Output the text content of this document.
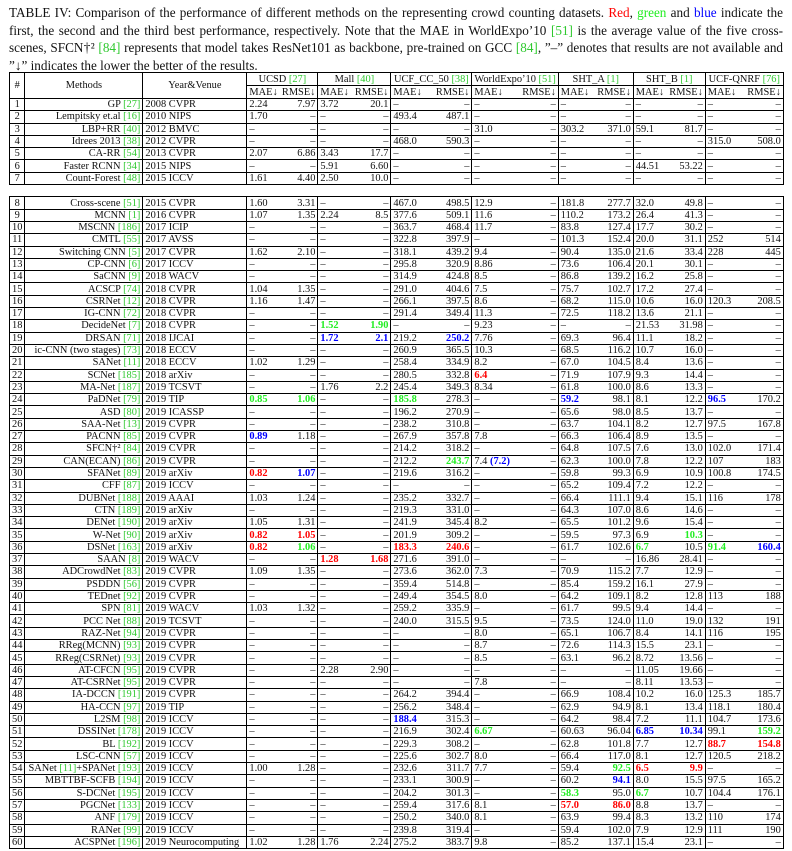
TABLE IV: Comparison of the performance of different methods on the representing crowd counting datasets. Red, green and blue indicate the first, the second and the third best performance, respectively. Note that the MAE in WorldExpo’10 [51] is the average value of the five cross-scenes, SFCN†² [84] represents that model takes ResNet101 as backbone, pre-trained on GCC [84], ”–” denotes that results are not available and ”↓” indicates the lower the better of the results.
#	Methods	Year&Venue	UCSD [27]		Mall [40]		UCF_CC_50 [38]		WorldExpo’10 [51]		SHT_A [1]		SHT_B [1]		UCF-QNRF [76]	
			MAE↓	RMSE↓	MAE↓	RMSE↓	MAE↓	RMSE↓	MAE↓	RMSE↓	MAE↓	RMSE↓	MAE↓	RMSE↓	MAE↓	RMSE↓
1	GP [27]	2008 CVPR	2.24	7.97	3.72	20.1	–	–	–	–	–	–	–	–	–	–
2	Lempitsky et.al [16]	2010 NIPS	1.70	–	–	–	493.4	487.1	–	–	–	–	–	–	–	–
3	LBP+RR [40]	2012 BMVC	–	–	–	–	–	–	31.0	–	303.2	371.0	59.1	81.7	–	–
4	Idrees 2013 [38]	2012 CVPR	–	–	–	–	468.0	590.3	–	–	–	–	–	–	315.0	508.0
5	CA-RR [54]	2013 CVPR	2.07	6.86	3.43	17.7	–	–	–	–	–	–	–	–	–	–
6	Faster RCNN [34]	2015 NIPS	–	–	5.91	6.60	–	–	–	–	–	–	44.51	53.22	–	–
7	Count-Forest [48]	2015 ICCV	1.61	4.40	2.50	10.0	–	–	–	–	–	–	–	–	–	–

8	Cross-scene [51]	2015 CVPR	1.60	3.31	–	–	467.0	498.5	12.9	–	181.8	277.7	32.0	49.8	–	–
9	MCNN [1]	2016 CVPR	1.07	1.35	2.24	8.5	377.6	509.1	11.6	–	110.2	173.2	26.4	41.3	–	–
10	MSCNN [186]	2017 ICIP	–	–	–	–	363.7	468.4	11.7	–	83.8	127.4	17.7	30.2	–	–
11	CMTL [55]	2017 AVSS	–	–	–	–	322.8	397.9	–	–	101.3	152.4	20.0	31.1	252	514
12	Switching CNN [5]	2017 CVPR	1.62	2.10	–	–	318.1	439.2	9.4	–	90.4	135.0	21.6	33.4	228	445
13	CP-CNN [6]	2017 ICCV	–	–	–	–	295.8	320.9	8.86	–	73.6	106.4	20.1	30.1	–	–
14	SaCNN [9]	2018 WACV	–	–	–	–	314.9	424.8	8.5	–	86.8	139.2	16.2	25.8	–	–
15	ACSCP [74]	2018 CVPR	1.04	1.35	–	–	291.0	404.6	7.5	–	75.7	102.7	17.2	27.4	–	–
16	CSRNet [12]	2018 CVPR	1.16	1.47	–	–	266.1	397.5	8.6	–	68.2	115.0	10.6	16.0	120.3	208.5
17	IG-CNN [72]	2018 CVPR	–	–	–	–	291.4	349.4	11.3	–	72.5	118.2	13.6	21.1	–	–
18	DecideNet [7]	2018 CVPR	–	–	1.52	1.90	–	–	9.23	–	–	–	21.53	31.98	–	–
19	DRSAN [71]	2018 IJCAI	–	–	1.72	2.1	219.2	250.2	7.76	–	69.3	96.4	11.1	18.2	–	–
20	ic-CNN (two stages) [73]	2018 ECCV	–	–	–	–	260.9	365.5	10.3	–	68.5	116.2	10.7	16.0	–	–
21	SANet [11]	2018 ECCV	1.02	1.29	–	–	258.4	334.9	8.2	–	67.0	104.5	8.4	13.6	–	–
22	SCNet [185]	2018 arXiv	–	–	–	–	280.5	332.8	6.4	–	71.9	107.9	9.3	14.4	–	–
23	MA-Net [187]	2019 TCSVT	–	–	1.76	2.2	245.4	349.3	8.34	–	61.8	100.0	8.6	13.3	–	–
24	PaDNet [79]	2019 TIP	0.85	1.06	–	–	185.8	278.3	–	–	59.2	98.1	8.1	12.2	96.5	170.2
25	ASD [80]	2019 ICASSP	–	–	–	–	196.2	270.9	–	–	65.6	98.0	8.5	13.7	–	–
26	SAA-Net [13]	2019 CVPR	–	–	–	–	238.2	310.8	–	–	63.7	104.1	8.2	12.7	97.5	167.8
27	PACNN [85]	2019 CVPR	0.89	1.18	–	–	267.9	357.8	7.8	–	66.3	106.4	8.9	13.5	–	–
28	SFCN†² [84]	2019 CVPR	–	–	–	–	214.2	318.2	–	–	64.8	107.5	7.6	13.0	102.0	171.4
29	CAN(ECAN) [86]	2019 CVPR	–	–	–	–	212.2	243.7	7.4 (7.2)	–	62.3	100.0	7.8	12.2	107	183
30	SFANet [89]	2019 arXiv	0.82	1.07	–	–	219.6	316.2	–	–	59.8	99.3	6.9	10.9	100.8	174.5
31	CFF [87]	2019 ICCV	–	–	–	–	–	–	–	–	65.2	109.4	7.2	12.2	–	–
32	DUBNet [188]	2019 AAAI	1.03	1.24	–	–	235.2	332.7	–	–	66.4	111.1	9.4	15.1	116	178
33	CTN [189]	2019 arXiv	–	–	–	–	219.3	331.0	–	–	64.3	107.0	8.6	14.6	–	–
34	DENet [190]	2019 arXiv	1.05	1.31	–	–	241.9	345.4	8.2	–	65.5	101.2	9.6	15.4	–	–
35	W-Net [90]	2019 arXiv	0.82	1.05	–	–	201.9	309.2	–	–	59.5	97.3	6.9	10.3	–	–
36	DSNet [163]	2019 arXiv	0.82	1.06	–	–	183.3	240.6	–	–	61.7	102.6	6.7	10.5	91.4	160.4
37	SAAN [8]	2019 WACV	–	–	1.28	1.68	271.6	391.0	–	–	–	–	16.86	28.41	–	–
38	ADCrowdNet [83]	2019 CVPR	1.09	1.35	–	–	273.6	362.0	7.3	–	70.9	115.2	7.7	12.9	–	–
39	PSDDN [56]	2019 CVPR	–	–	–	–	359.4	514.8	–	–	85.4	159.2	16.1	27.9	–	–
40	TEDnet [92]	2019 CVPR	–	–	–	–	249.4	354.5	8.0	–	64.2	109.1	8.2	12.8	113	188
41	SPN [81]	2019 WACV	1.03	1.32	–	–	259.2	335.9	–	–	61.7	99.5	9.4	14.4	–	–
42	PCC Net [88]	2019 TCSVT	–	–	–	–	240.0	315.5	9.5	–	73.5	124.0	11.0	19.0	132	191
43	RAZ-Net [94]	2019 CVPR	–	–	–	–	–	–	8.0	–	65.1	106.7	8.4	14.1	116	195
44	RReg(MCNN) [93]	2019 CVPR	–	–	–	–	–	–	8.7	–	72.6	114.3	15.5	23.1	–	–
45	RReg(CSRNet) [93]	2019 CVPR	–	–	–	–	–	–	8.5	–	63.1	96.2	8.72	13.56	–	–
46	AT-CFCN [95]	2019 CVPR	–	–	2.28	2.90	–	–	–	–	–	–	11.05	19.66	–	–
47	AT-CSRNet [95]	2019 CVPR	–	–	–	–	–	–	7.8	–	–	–	8.11	13.53	–	–
48	IA-DCCN [191]	2019 CVPR	–	–	–	–	264.2	394.4	–	–	66.9	108.4	10.2	16.0	125.3	185.7
49	HA-CCN [97]	2019 TIP	–	–	–	–	256.2	348.4	–	–	62.9	94.9	8.1	13.4	118.1	180.4
50	L2SM [98]	2019 ICCV	–	–	–	–	188.4	315.3	–	–	64.2	98.4	7.2	11.1	104.7	173.6
51	DSSINet [178]	2019 ICCV	–	–	–	–	216.9	302.4	6.67	–	60.63	96.04	6.85	10.34	99.1	159.2
52	BL [192]	2019 ICCV	–	–	–	–	229.3	308.2	–	–	62.8	101.8	7.7	12.7	88.7	154.8
53	LSC-CNN [57]	2019 ICCV	–	–	–	–	225.6	302.7	8.0	–	66.4	117.0	8.1	12.7	120.5	218.2
54	SANet [11]+SPANet [193]	2019 ICCV	1.00	1.28	–	–	232.6	311.7	7.7	–	59.4	92.5	6.5	9.9	–	–
55	MBTTBF-SCFB [194]	2019 ICCV	–	–	–	–	233.1	300.9	–	–	60.2	94.1	8.0	15.5	97.5	165.2
56	S-DCNet [195]	2019 ICCV	–	–	–	–	204.2	301.3	–	–	58.3	95.0	6.7	10.7	104.4	176.1
57	PGCNet [133]	2019 ICCV	–	–	–	–	259.4	317.6	8.1	–	57.0	86.0	8.8	13.7	–	–
58	ANF [179]	2019 ICCV	–	–	–	–	250.2	340.0	8.1	–	63.9	99.4	8.3	13.2	110	174
59	RANet [99]	2019 ICCV	–	–	–	–	239.8	319.4	–	–	59.4	102.0	7.9	12.9	111	190
60	ACSPNet [196]	2019 Neurocomputing	1.02	1.28	1.76	2.24	275.2	383.7	9.8	–	85.2	137.1	15.4	23.1	–	–
